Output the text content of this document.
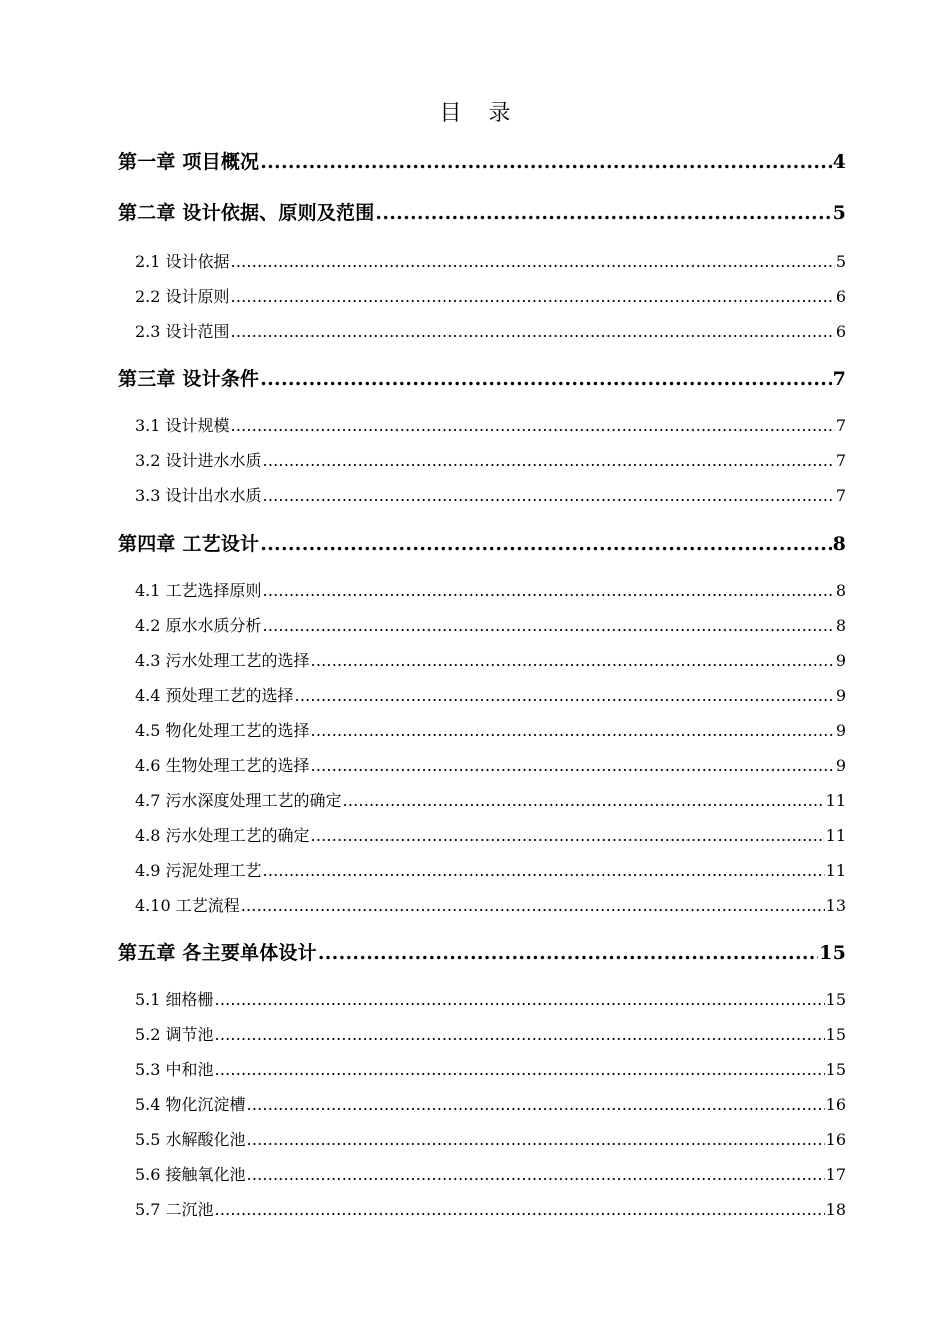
目 录
第一章 项目概况 .....	4
第二章 设计依据、原则及范围 .....	5
2.1 设计依据 .....	5
2.2 设计原则 .....	6
2.3 设计范围 .....	6
第三章 设计条件 .....	7
3.1 设计规模 .....	7
3.2 设计进水水质 .....	7
3.3 设计出水水质 .....	7
第四章 工艺设计 .....	8
4.1 工艺选择原则 .....	8
4.2 原水水质分析 .....	8
4.3 污水处理工艺的选择 .....	9
4.4 预处理工艺的选择 .....	9
4.5 物化处理工艺的选择 .....	9
4.6 生物处理工艺的选择 .....	9
4.7 污水深度处理工艺的确定 .....	11
4.8 污水处理工艺的确定 .....	11
4.9 污泥处理工艺 .....	11
4.10 工艺流程 .....	13
第五章 各主要单体设计 .....	15
5.1 细格栅 .....	15
5.2 调节池 .....	15
5.3 中和池 .....	15
5.4 物化沉淀槽 .....	16
5.5 水解酸化池 .....	16
5.6 接触氧化池 .....	17
5.7 二沉池 .....	18
